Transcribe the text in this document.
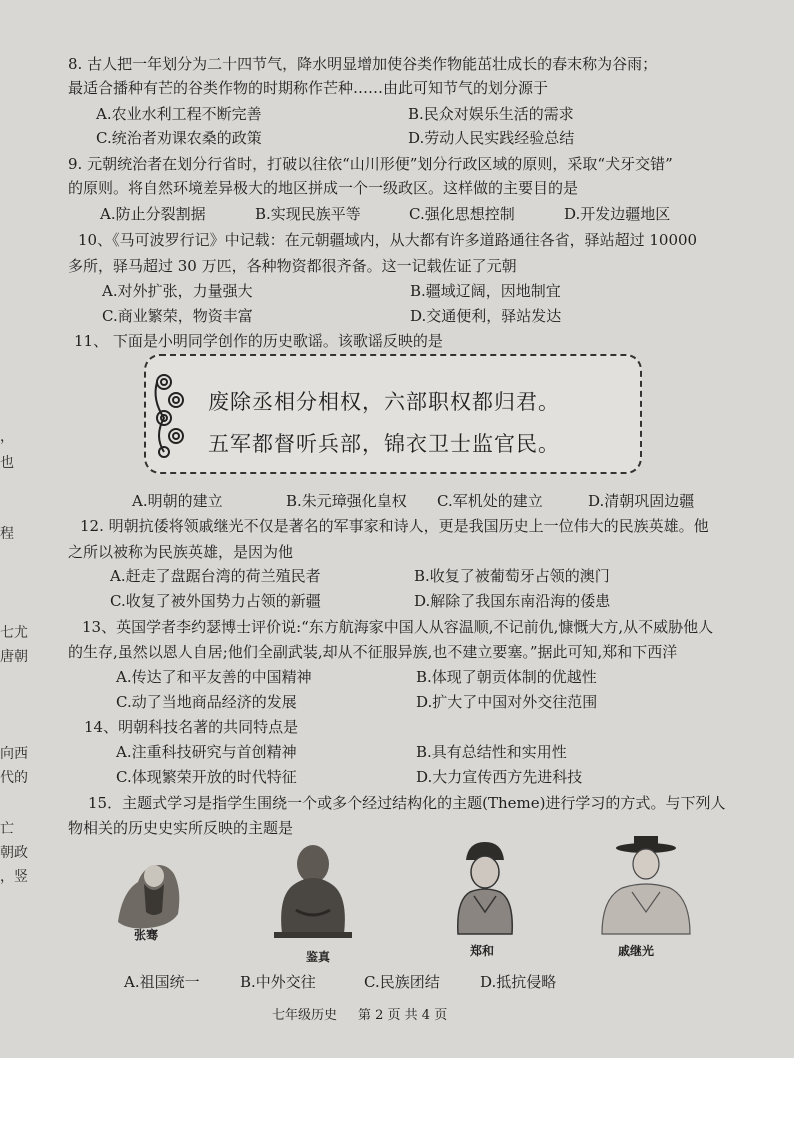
，
也
程
七尤
唐朝
向西
代的
亡
朝政
，竖
8. 古人把一年划分为二十四节气，降水明显增加使谷类作物能茁壮成长的春末称为谷雨；
最适合播种有芒的谷类作物的时期称作芒种……由此可知节气的划分源于
A.农业水利工程不断完善	B.民众对娱乐生活的需求
C.统治者劝课农桑的政策	D.劳动人民实践经验总结
9. 元朝统治者在划分行省时，打破以往依“山川形便”划分行政区域的原则，采取“犬牙交错”
的原则。将自然环境差异极大的地区拼成一个一级政区。这样做的主要目的是
A.防止分裂割据	B.实现民族平等	C.强化思想控制	D.开发边疆地区
10、《马可波罗行记》中记载：在元朝疆域内，从大都有许多道路通往各省，驿站超过 10000
多所，驿马超过 30 万匹，各种物资都很齐备。这一记载佐证了元朝
A.对外扩张，力量强大	B.疆域辽阔，因地制宜
C.商业繁荣，物资丰富	D.交通便利，驿站发达
11、 下面是小明同学创作的历史歌谣。该歌谣反映的是
废除丞相分相权，六部职权都归君。
五军都督听兵部，锦衣卫士监官民。
A.明朝的建立	B.朱元璋强化皇权 C.军机处的建立	D.清朝巩固边疆
12. 明朝抗倭将领戚继光不仅是著名的军事家和诗人，更是我国历史上一位伟大的民族英雄。他
之所以被称为民族英雄，是因为他
A.赶走了盘踞台湾的荷兰殖民者	B.收复了被葡萄牙占领的澳门
C.收复了被外国势力占领的新疆	D.解除了我国东南沿海的倭患
13、英国学者李约瑟博士评价说:“东方航海家中国人从容温顺,不记前仇,慷慨大方,从不威胁他人
的生存,虽然以恩人自居;他们全副武装,却从不征服异族,也不建立要塞。”据此可知,郑和下西洋
A.传达了和平友善的中国精神	B.体现了朝贡体制的优越性
C.动了当地商品经济的发展	D.扩大了中国对外交往范围
14、明朝科技名著的共同特点是
A.注重科技研究与首创精神	B.具有总结性和实用性
C.体现繁荣开放的时代特征	D.大力宣传西方先进科技
15．主题式学习是指学生围绕一个或多个经过结构化的主题(Theme)进行学习的方式。与下列人
物相关的历史史实所反映的主题是
张骞
鉴真	郑和	戚继光
A.祖国统一	B.中外交往	C.民族团结	D.抵抗侵略
七年级历史 第 2 页 共 4 页
